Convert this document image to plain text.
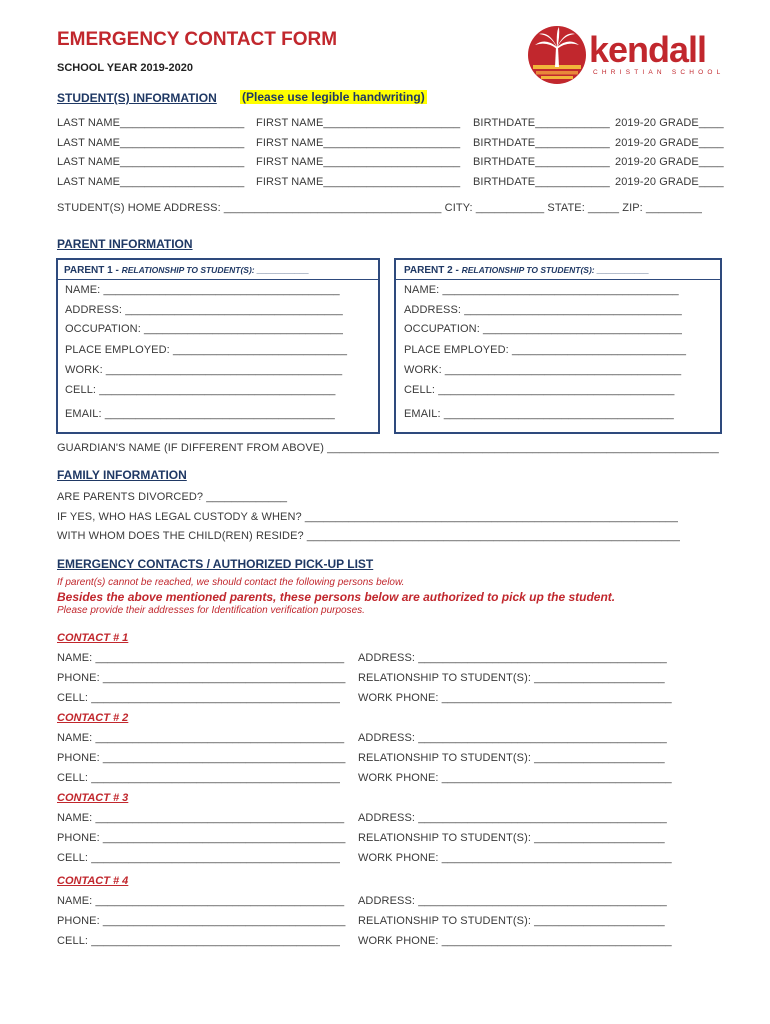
EMERGENCY CONTACT FORM
SCHOOL YEAR 2019-2020	kendall
CHRISTIAN SCHOOL
STUDENT(S) INFORMATION (Please use legible handwriting)
LAST NAME____________________ FIRST NAME______________________ BIRTHDATE____________ 2019-20 GRADE____
LAST NAME____________________ FIRST NAME______________________ BIRTHDATE____________ 2019-20 GRADE____
LAST NAME____________________ FIRST NAME______________________ BIRTHDATE____________ 2019-20 GRADE____
LAST NAME____________________ FIRST NAME______________________ BIRTHDATE____________ 2019-20 GRADE____
STUDENT(S) HOME ADDRESS: ___________________________________ CITY: ___________ STATE: _____ ZIP: _________
PARENT INFORMATION
PARENT 1 - RELATIONSHIP TO STUDENT(S): ___________
NAME: ______________________________________
ADDRESS: ___________________________________
OCCUPATION: ________________________________
PLACE EMPLOYED: ____________________________
WORK: ______________________________________
CELL: ______________________________________
EMAIL: _____________________________________
PARENT 2 - RELATIONSHIP TO STUDENT(S): ___________
NAME: ______________________________________
ADDRESS: ___________________________________
OCCUPATION: ________________________________
PLACE EMPLOYED: ____________________________
WORK: ______________________________________
CELL: ______________________________________
EMAIL: _____________________________________
GUARDIAN'S NAME (IF DIFFERENT FROM ABOVE) _______________________________________________________________
FAMILY INFORMATION
ARE PARENTS DIVORCED? _____________
IF YES, WHO HAS LEGAL CUSTODY & WHEN? ____________________________________________________________
WITH WHOM DOES THE CHILD(REN) RESIDE? ____________________________________________________________
EMERGENCY CONTACTS / AUTHORIZED PICK-UP LIST
If parent(s) cannot be reached, we should contact the following persons below.
Besides the above mentioned parents, these persons below are authorized to pick up the student.
Please provide their addresses for Identification verification purposes.
CONTACT # 1
NAME: ________________________________________ ADDRESS: ________________________________________
PHONE: _______________________________________ RELATIONSHIP TO STUDENT(S): _____________________
CELL: ________________________________________ WORK PHONE: _____________________________________
CONTACT # 2
NAME: ________________________________________ ADDRESS: ________________________________________
PHONE: _______________________________________ RELATIONSHIP TO STUDENT(S): _____________________
CELL: ________________________________________ WORK PHONE: _____________________________________
CONTACT # 3
NAME: ________________________________________ ADDRESS: ________________________________________
PHONE: _______________________________________ RELATIONSHIP TO STUDENT(S): _____________________
CELL: ________________________________________ WORK PHONE: _____________________________________
CONTACT # 4
NAME: ________________________________________ ADDRESS: ________________________________________
PHONE: _______________________________________ RELATIONSHIP TO STUDENT(S): _____________________
CELL: ________________________________________ WORK PHONE: _____________________________________
